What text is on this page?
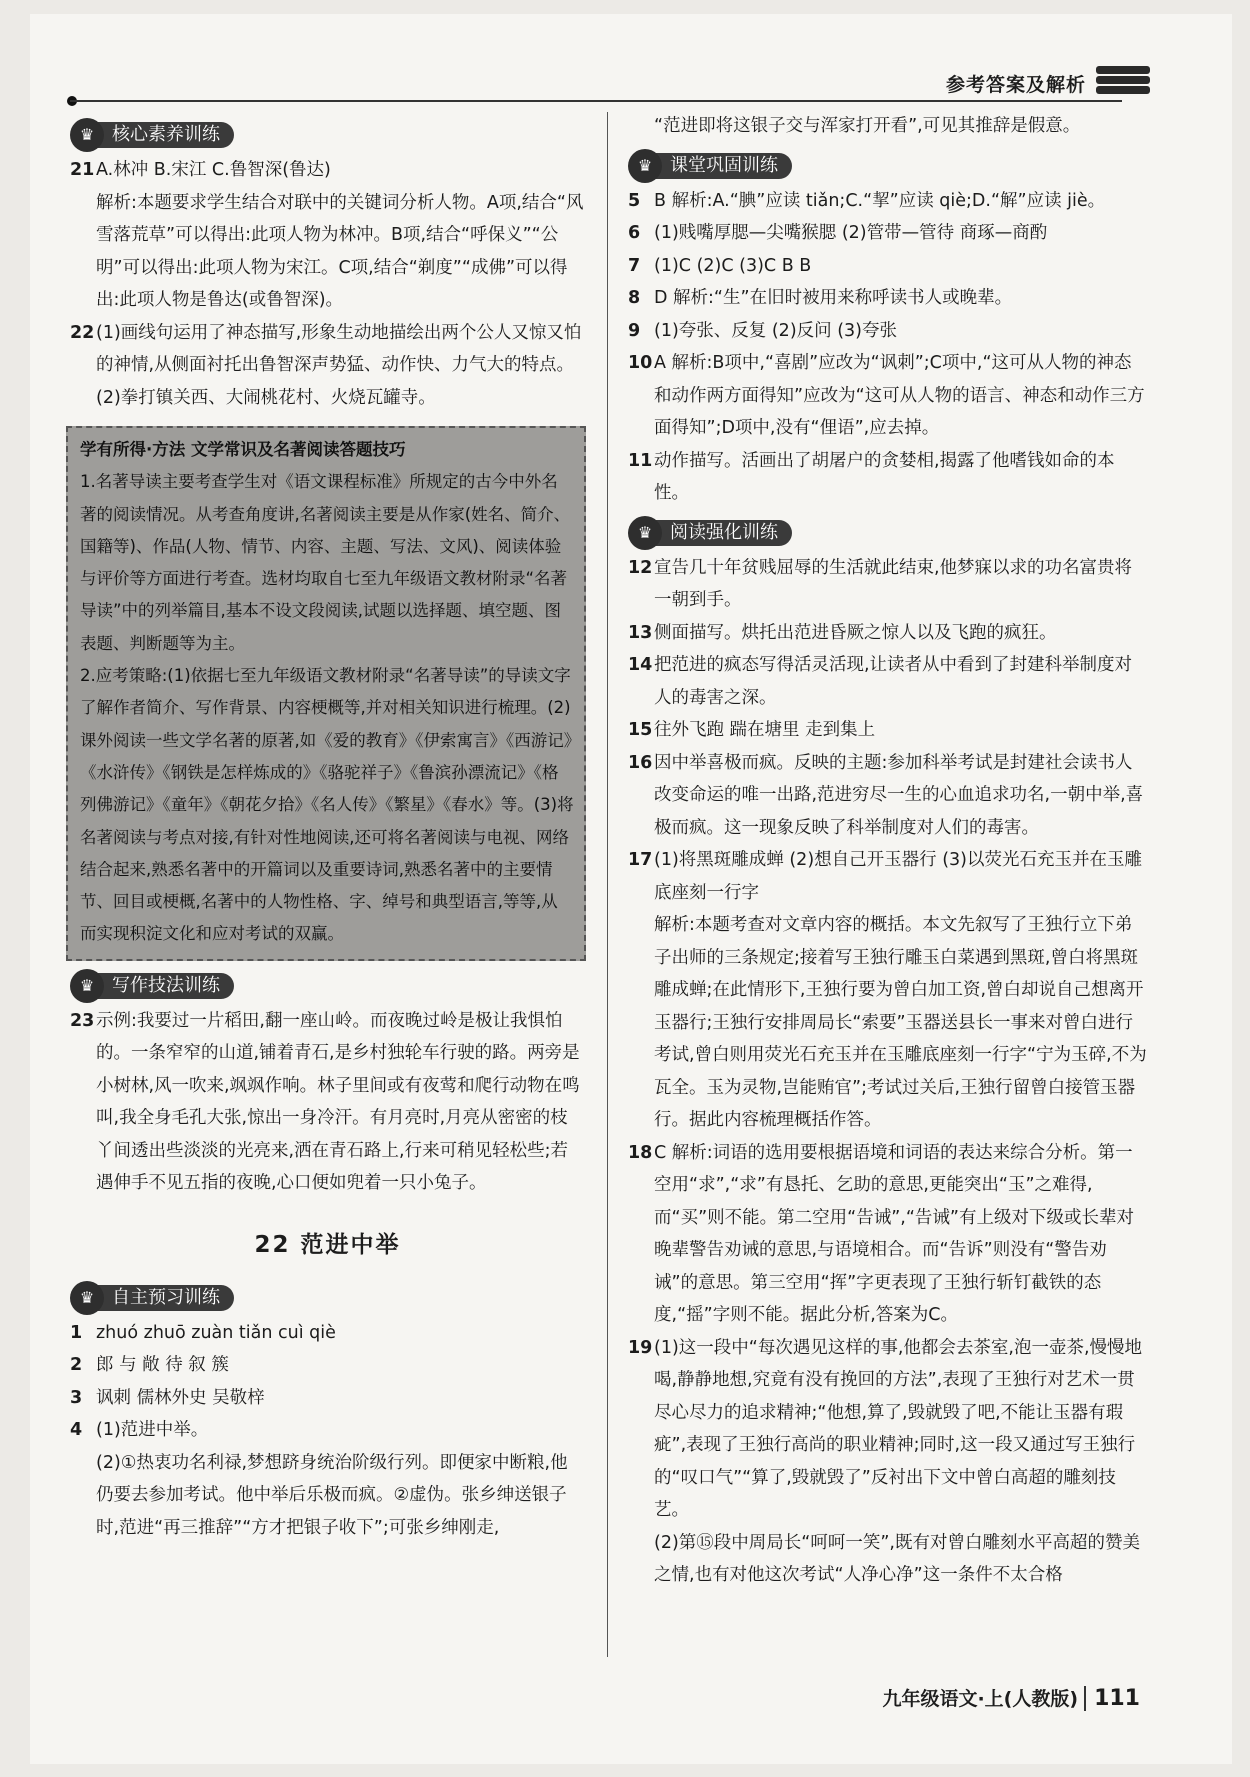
参考答案及解析
核心素养训练
♛
21 A.林冲 B.宋江 C.鲁智深(鲁达)

解析:本题要求学生结合对联中的关键词分析人物。A项,结合“风雪落荒草”可以得出:此项人物为林冲。B项,结合“呼保义”“公明”可以得出:此项人物为宋江。C项,结合“剃度”“成佛”可以得出:此项人物是鲁达(或鲁智深)。

22 (1)画线句运用了神态描写,形象生动地描绘出两个公人又惊又怕的神情,从侧面衬托出鲁智深声势猛、动作快、力气大的特点。

(2)拳打镇关西、大闹桃花村、火烧瓦罐寺。

学有所得·方法 文学常识及名著阅读答题技巧

1.名著导读主要考查学生对《语文课程标准》所规定的古今中外名著的阅读情况。从考查角度讲,名著阅读主要是从作家(姓名、简介、国籍等)、作品(人物、情节、内容、主题、写法、文风)、阅读体验与评价等方面进行考查。选材均取自七至九年级语文教材附录“名著导读”中的列举篇目,基本不设文段阅读,试题以选择题、填空题、图表题、判断题等为主。

2.应考策略:(1)依据七至九年级语文教材附录“名著导读”的导读文字了解作者简介、写作背景、内容梗概等,并对相关知识进行梳理。(2)课外阅读一些文学名著的原著,如《爱的教育》《伊索寓言》《西游记》《水浒传》《钢铁是怎样炼成的》《骆驼祥子》《鲁滨孙漂流记》《格列佛游记》《童年》《朝花夕拾》《名人传》《繁星》《春水》等。(3)将名著阅读与考点对接,有针对性地阅读,还可将名著阅读与电视、网络结合起来,熟悉名著中的开篇词以及重要诗词,熟悉名著中的主要情节、回目或梗概,名著中的人物性格、字、绰号和典型语言,等等,从而实现积淀文化和应对考试的双赢。

写作技法训练
♛
23 示例:我要过一片稻田,翻一座山岭。而夜晚过岭是极让我惧怕的。一条窄窄的山道,铺着青石,是乡村独轮车行驶的路。两旁是小树林,风一吹来,飒飒作响。林子里间或有夜莺和爬行动物在鸣叫,我全身毛孔大张,惊出一身冷汗。有月亮时,月亮从密密的枝丫间透出些淡淡的光亮来,洒在青石路上,行来可稍见轻松些;若遇伸手不见五指的夜晚,心口便如兜着一只小兔子。
22 范进中举
自主预习训练
♛
1 zhuó zhuō zuàn tiǎn cuì qiè
2 郎 与 敞 待 叙 簇
3 讽刺 儒林外史 吴敬梓
4 (1)范进中举。

(2)①热衷功名利禄,梦想跻身统治阶级行列。即便家中断粮,他仍要去参加考试。他中举后乐极而疯。②虚伪。张乡绅送银子时,范进“再三推辞”“方才把银子收下”;可张乡绅刚走,

“范进即将这银子交与浑家打开看”,可见其推辞是假意。

课堂巩固训练
♛
5 B 解析:A.“腆”应读 tiǎn;C.“挈”应读 qiè;D.“解”应读 jiè。
6 (1)贱嘴厚腮—尖嘴猴腮 (2)管带—管待 商琢—商酌
7 (1)C (2)C (3)C B B
8 D 解析:“生”在旧时被用来称呼读书人或晚辈。
9 (1)夸张、反复 (2)反问 (3)夸张
10 A 解析:B项中,“喜剧”应改为“讽刺”;C项中,“这可从人物的神态和动作两方面得知”应改为“这可从人物的语言、神态和动作三方面得知”;D项中,没有“俚语”,应去掉。
11 动作描写。活画出了胡屠户的贪婪相,揭露了他嗜钱如命的本性。
阅读强化训练
♛
12 宣告几十年贫贱屈辱的生活就此结束,他梦寐以求的功名富贵将一朝到手。
13 侧面描写。烘托出范进昏厥之惊人以及飞跑的疯狂。
14 把范进的疯态写得活灵活现,让读者从中看到了封建科举制度对人的毒害之深。
15 往外飞跑 踹在塘里 走到集上
16 因中举喜极而疯。反映的主题:参加科举考试是封建社会读书人改变命运的唯一出路,范进穷尽一生的心血追求功名,一朝中举,喜极而疯。这一现象反映了科举制度对人们的毒害。
17 (1)将黑斑雕成蝉 (2)想自己开玉器行 (3)以荧光石充玉并在玉雕底座刻一行字

解析:本题考查对文章内容的概括。本文先叙写了王独行立下弟子出师的三条规定;接着写王独行雕玉白菜遇到黑斑,曾白将黑斑雕成蝉;在此情形下,王独行要为曾白加工资,曾白却说自己想离开玉器行;王独行安排周局长“索要”玉器送县长一事来对曾白进行考试,曾白则用荧光石充玉并在玉雕底座刻一行字“宁为玉碎,不为瓦全。玉为灵物,岂能贿官”;考试过关后,王独行留曾白接管玉器行。据此内容梳理概括作答。

18 C 解析:词语的选用要根据语境和词语的表达来综合分析。第一空用“求”,“求”有恳托、乞助的意思,更能突出“玉”之难得,而“买”则不能。第二空用“告诫”,“告诫”有上级对下级或长辈对晚辈警告劝诫的意思,与语境相合。而“告诉”则没有“警告劝诫”的意思。第三空用“挥”字更表现了王独行斩钉截铁的态度,“摇”字则不能。据此分析,答案为C。
19 (1)这一段中“每次遇见这样的事,他都会去茶室,泡一壶茶,慢慢地喝,静静地想,究竟有没有挽回的方法”,表现了王独行对艺术一贯尽心尽力的追求精神;“他想,算了,毁就毁了吧,不能让玉器有瑕疵”,表现了王独行高尚的职业精神;同时,这一段又通过写王独行的“叹口气”“算了,毁就毁了”反衬出下文中曾白高超的雕刻技艺。

(2)第⑮段中周局长“呵呵一笑”,既有对曾白雕刻水平高超的赞美之情,也有对他这次考试“人净心净”这一条件不太合格

九年级语文·上(人教版) 111
